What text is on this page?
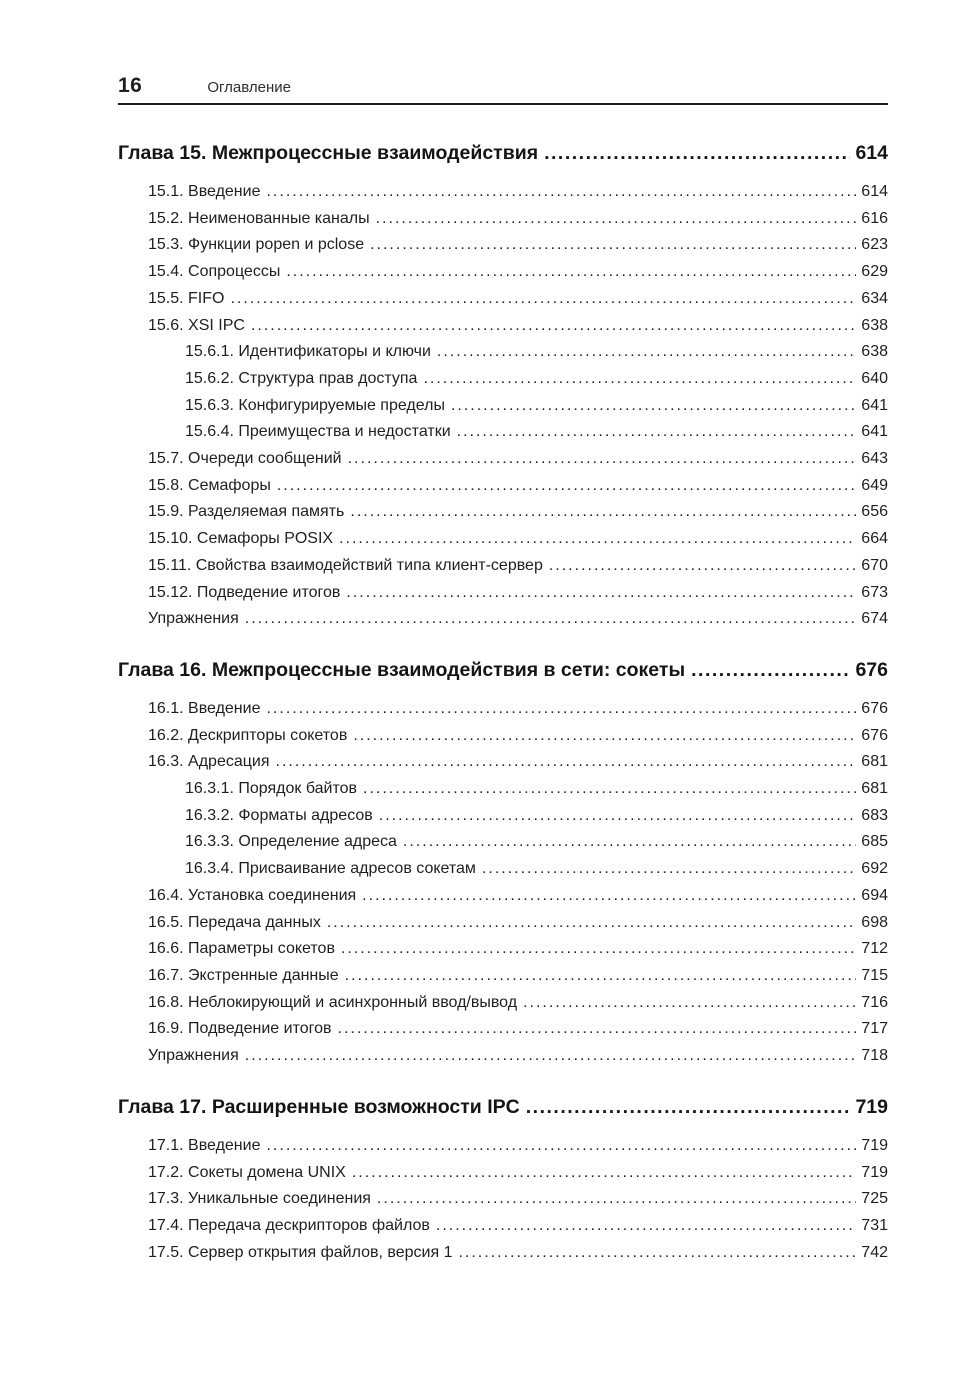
16	Оглавление
Глава 15. Межпроцессные взаимодействия .....	614
15.1. Введение .....	614
15.2. Неименованные каналы .....	616
15.3. Функции popen и pclose .....	623
15.4. Сопроцессы .....	629
15.5. FIFO .....	634
15.6. XSI IPC .....	638
15.6.1. Идентификаторы и ключи .....	638
15.6.2. Структура прав доступа .....	640
15.6.3. Конфигурируемые пределы .....	641
15.6.4. Преимущества и недостатки .....	641
15.7. Очереди сообщений .....	643
15.8. Семафоры .....	649
15.9. Разделяемая память .....	656
15.10. Семафоры POSIX .....	664
15.11. Свойства взаимодействий типа клиент-сервер .....	670
15.12. Подведение итогов .....	673
Упражнения .....	674
Глава 16. Межпроцессные взаимодействия в сети: сокеты .....	676
16.1. Введение .....	676
16.2. Дескрипторы сокетов .....	676
16.3. Адресация .....	681
16.3.1. Порядок байтов .....	681
16.3.2. Форматы адресов .....	683
16.3.3. Определение адреса .....	685
16.3.4. Присваивание адресов сокетам .....	692
16.4. Установка соединения .....	694
16.5. Передача данных .....	698
16.6. Параметры сокетов .....	712
16.7. Экстренные данные .....	715
16.8. Неблокирующий и асинхронный ввод/вывод .....	716
16.9. Подведение итогов .....	717
Упражнения .....	718
Глава 17. Расширенные возможности IPC .....	719
17.1. Введение .....	719
17.2. Сокеты домена UNIX .....	719
17.3. Уникальные соединения .....	725
17.4. Передача дескрипторов файлов .....	731
17.5. Сервер открытия файлов, версия 1 .....	742
